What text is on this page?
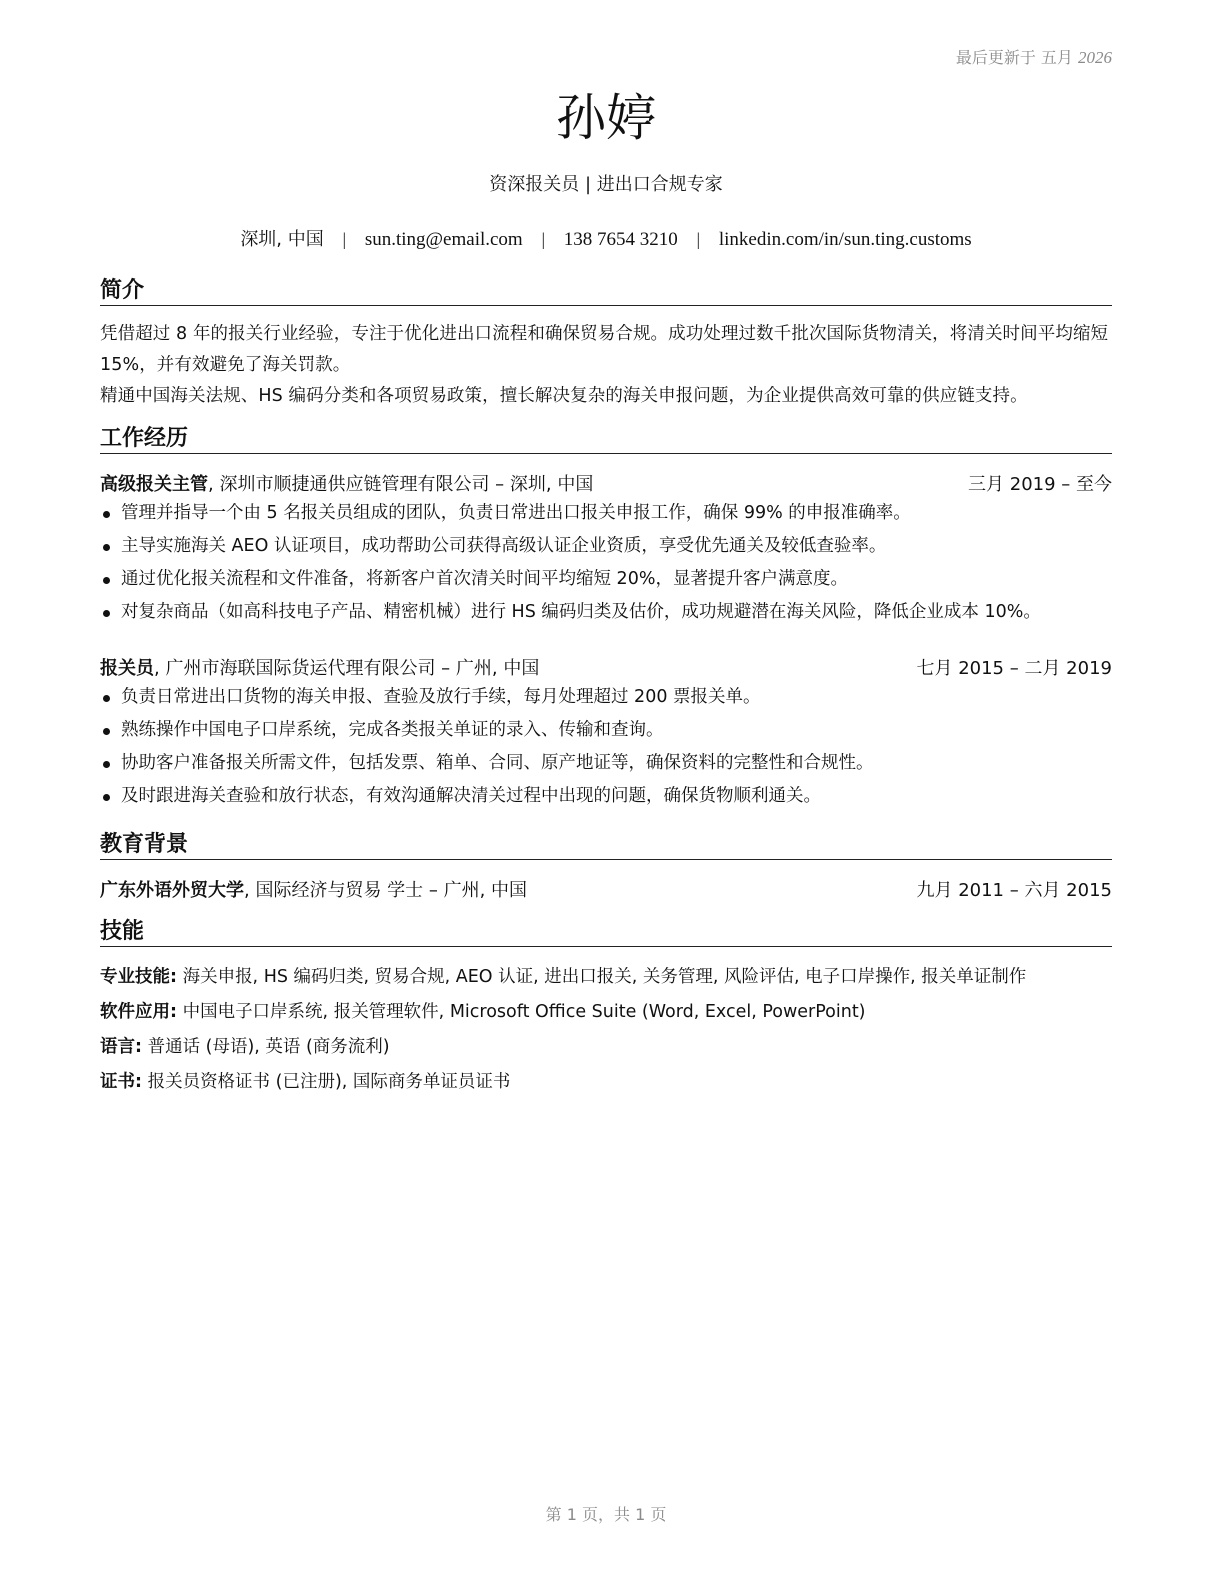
最后更新于 五月 2026
孙婷
资深报关员 | 进出口合规专家
深圳, 中国 | sun.ting@email.com | 138 7654 3210 | linkedin.com/in/sun.ting.customs
简介
凭借超过 8 年的报关行业经验，专注于优化进出口流程和确保贸易合规。成功处理过数千批次国际货物清关，将清关时间平均缩短 15%，并有效避免了海关罚款。
精通中国海关法规、HS 编码分类和各项贸易政策，擅长解决复杂的海关申报问题，为企业提供高效可靠的供应链支持。
工作经历
高级报关主管, 深圳市顺捷通供应链管理有限公司 – 深圳, 中国	三月 2019 – 至今
管理并指导一个由 5 名报关员组成的团队，负责日常进出口报关申报工作，确保 99% 的申报准确率。
主导实施海关 AEO 认证项目，成功帮助公司获得高级认证企业资质，享受优先通关及较低查验率。
通过优化报关流程和文件准备，将新客户首次清关时间平均缩短 20%，显著提升客户满意度。
对复杂商品（如高科技电子产品、精密机械）进行 HS 编码归类及估价，成功规避潜在海关风险，降低企业成本 10%。
报关员, 广州市海联国际货运代理有限公司 – 广州, 中国	七月 2015 – 二月 2019
负责日常进出口货物的海关申报、查验及放行手续，每月处理超过 200 票报关单。
熟练操作中国电子口岸系统，完成各类报关单证的录入、传输和查询。
协助客户准备报关所需文件，包括发票、箱单、合同、原产地证等，确保资料的完整性和合规性。
及时跟进海关查验和放行状态，有效沟通解决清关过程中出现的问题，确保货物顺利通关。
教育背景
广东外语外贸大学, 国际经济与贸易 学士 – 广州, 中国	九月 2011 – 六月 2015
技能
专业技能: 海关申报, HS 编码归类, 贸易合规, AEO 认证, 进出口报关, 关务管理, 风险评估, 电子口岸操作, 报关单证制作
软件应用: 中国电子口岸系统, 报关管理软件, Microsoft Office Suite (Word, Excel, PowerPoint)
语言: 普通话 (母语), 英语 (商务流利)
证书: 报关员资格证书 (已注册), 国际商务单证员证书
第 1 页，共 1 页
